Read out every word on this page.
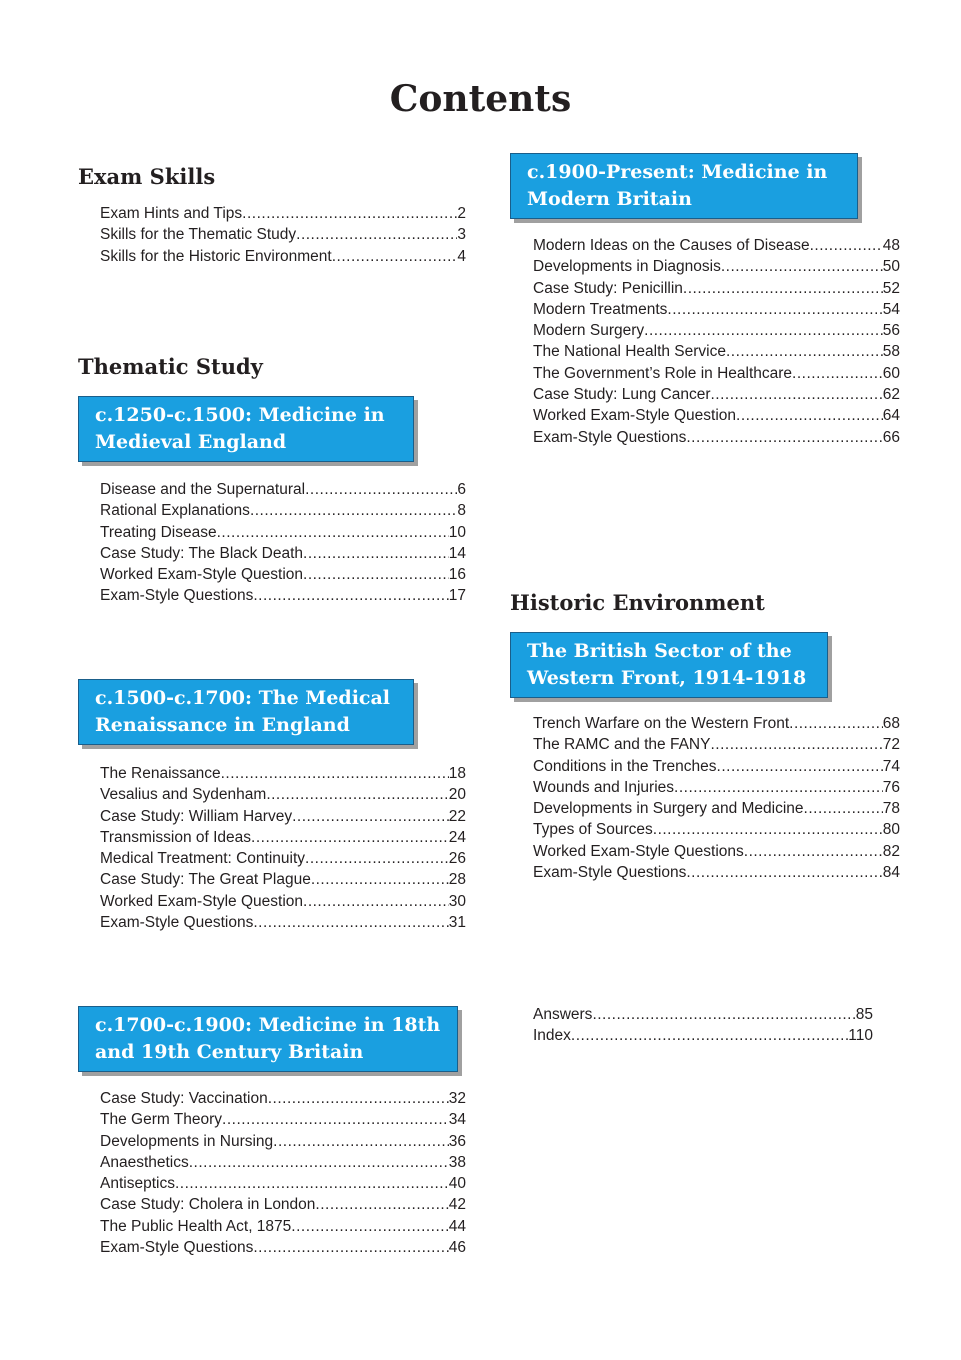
Contents
Exam Skills
Exam Hints and Tips .....	2
Skills for the Thematic Study .....	3
Skills for the Historic Environment .....	4
Thematic Study
c.1250-c.1500: Medicine in Medieval England
Disease and the Supernatural .....	6
Rational Explanations .....	8
Treating Disease .....	10
Case Study: The Black Death .....	14
Worked Exam-Style Question .....	16
Exam-Style Questions .....	17
c.1500-c.1700: The Medical Renaissance in England
The Renaissance .....	18
Vesalius and Sydenham .....	20
Case Study: William Harvey .....	22
Transmission of Ideas .....	24
Medical Treatment: Continuity .....	26
Case Study: The Great Plague .....	28
Worked Exam-Style Question .....	30
Exam-Style Questions .....	31
c.1700-c.1900: Medicine in 18th and 19th Century Britain
Case Study: Vaccination .....	32
The Germ Theory .....	34
Developments in Nursing .....	36
Anaesthetics .....	38
Antiseptics .....	40
Case Study: Cholera in London .....	42
The Public Health Act, 1875 .....	44
Exam-Style Questions .....	46
c.1900-Present: Medicine in Modern Britain
Modern Ideas on the Causes of Disease .....	48
Developments in Diagnosis .....	50
Case Study: Penicillin .....	52
Modern Treatments .....	54
Modern Surgery .....	56
The National Health Service .....	58
The Government’s Role in Healthcare .....	60
Case Study: Lung Cancer .....	62
Worked Exam-Style Question .....	64
Exam-Style Questions .....	66
Historic Environment
The British Sector of the Western Front, 1914-1918
Trench Warfare on the Western Front .....	68
The RAMC and the FANY .....	72
Conditions in the Trenches .....	74
Wounds and Injuries .....	76
Developments in Surgery and Medicine .....	78
Types of Sources .....	80
Worked Exam-Style Questions .....	82
Exam-Style Questions .....	84
Answers .....	85
Index .....	110
